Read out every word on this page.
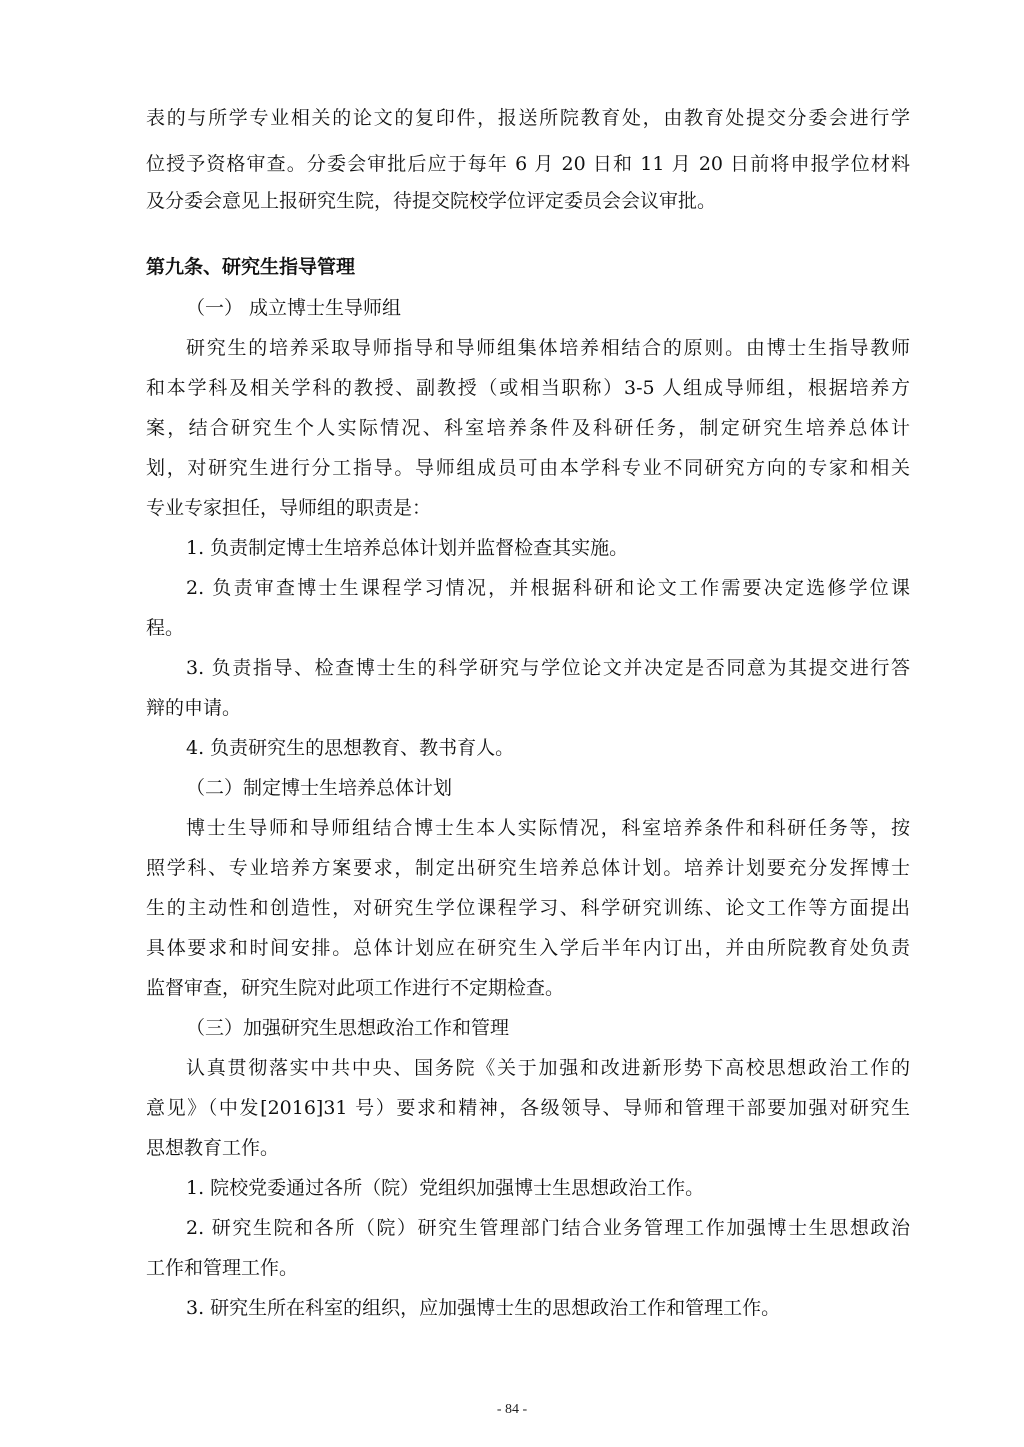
表的与所学专业相关的论文的复印件，报送所院教育处，由教育处提交分委会进行学
位授予资格审查。分委会审批后应于每年 6 月 20 日和 11 月 20 日前将申报学位材料
及分委会意见上报研究生院，待提交院校学位评定委员会会议审批。
第九条、研究生指导管理
（一） 成立博士生导师组
研究生的培养采取导师指导和导师组集体培养相结合的原则。由博士生指导教师
和本学科及相关学科的教授、副教授（或相当职称）3-5 人组成导师组，根据培养方
案，结合研究生个人实际情况、科室培养条件及科研任务，制定研究生培养总体计
划，对研究生进行分工指导。导师组成员可由本学科专业不同研究方向的专家和相关
专业专家担任，导师组的职责是：
1. 负责制定博士生培养总体计划并监督检查其实施。
2. 负责审查博士生课程学习情况，并根据科研和论文工作需要决定选修学位课
程。
3. 负责指导、检查博士生的科学研究与学位论文并决定是否同意为其提交进行答
辩的申请。
4. 负责研究生的思想教育、教书育人。
（二）制定博士生培养总体计划
博士生导师和导师组结合博士生本人实际情况，科室培养条件和科研任务等，按
照学科、专业培养方案要求，制定出研究生培养总体计划。培养计划要充分发挥博士
生的主动性和创造性，对研究生学位课程学习、科学研究训练、论文工作等方面提出
具体要求和时间安排。总体计划应在研究生入学后半年内订出，并由所院教育处负责
监督审查，研究生院对此项工作进行不定期检查。
（三）加强研究生思想政治工作和管理
认真贯彻落实中共中央、国务院《关于加强和改进新形势下高校思想政治工作的
意见》（中发[2016]31 号）要求和精神，各级领导、导师和管理干部要加强对研究生
思想教育工作。
1. 院校党委通过各所（院）党组织加强博士生思想政治工作。
2. 研究生院和各所（院）研究生管理部门结合业务管理工作加强博士生思想政治
工作和管理工作。
3. 研究生所在科室的组织，应加强博士生的思想政治工作和管理工作。
- 84 -
